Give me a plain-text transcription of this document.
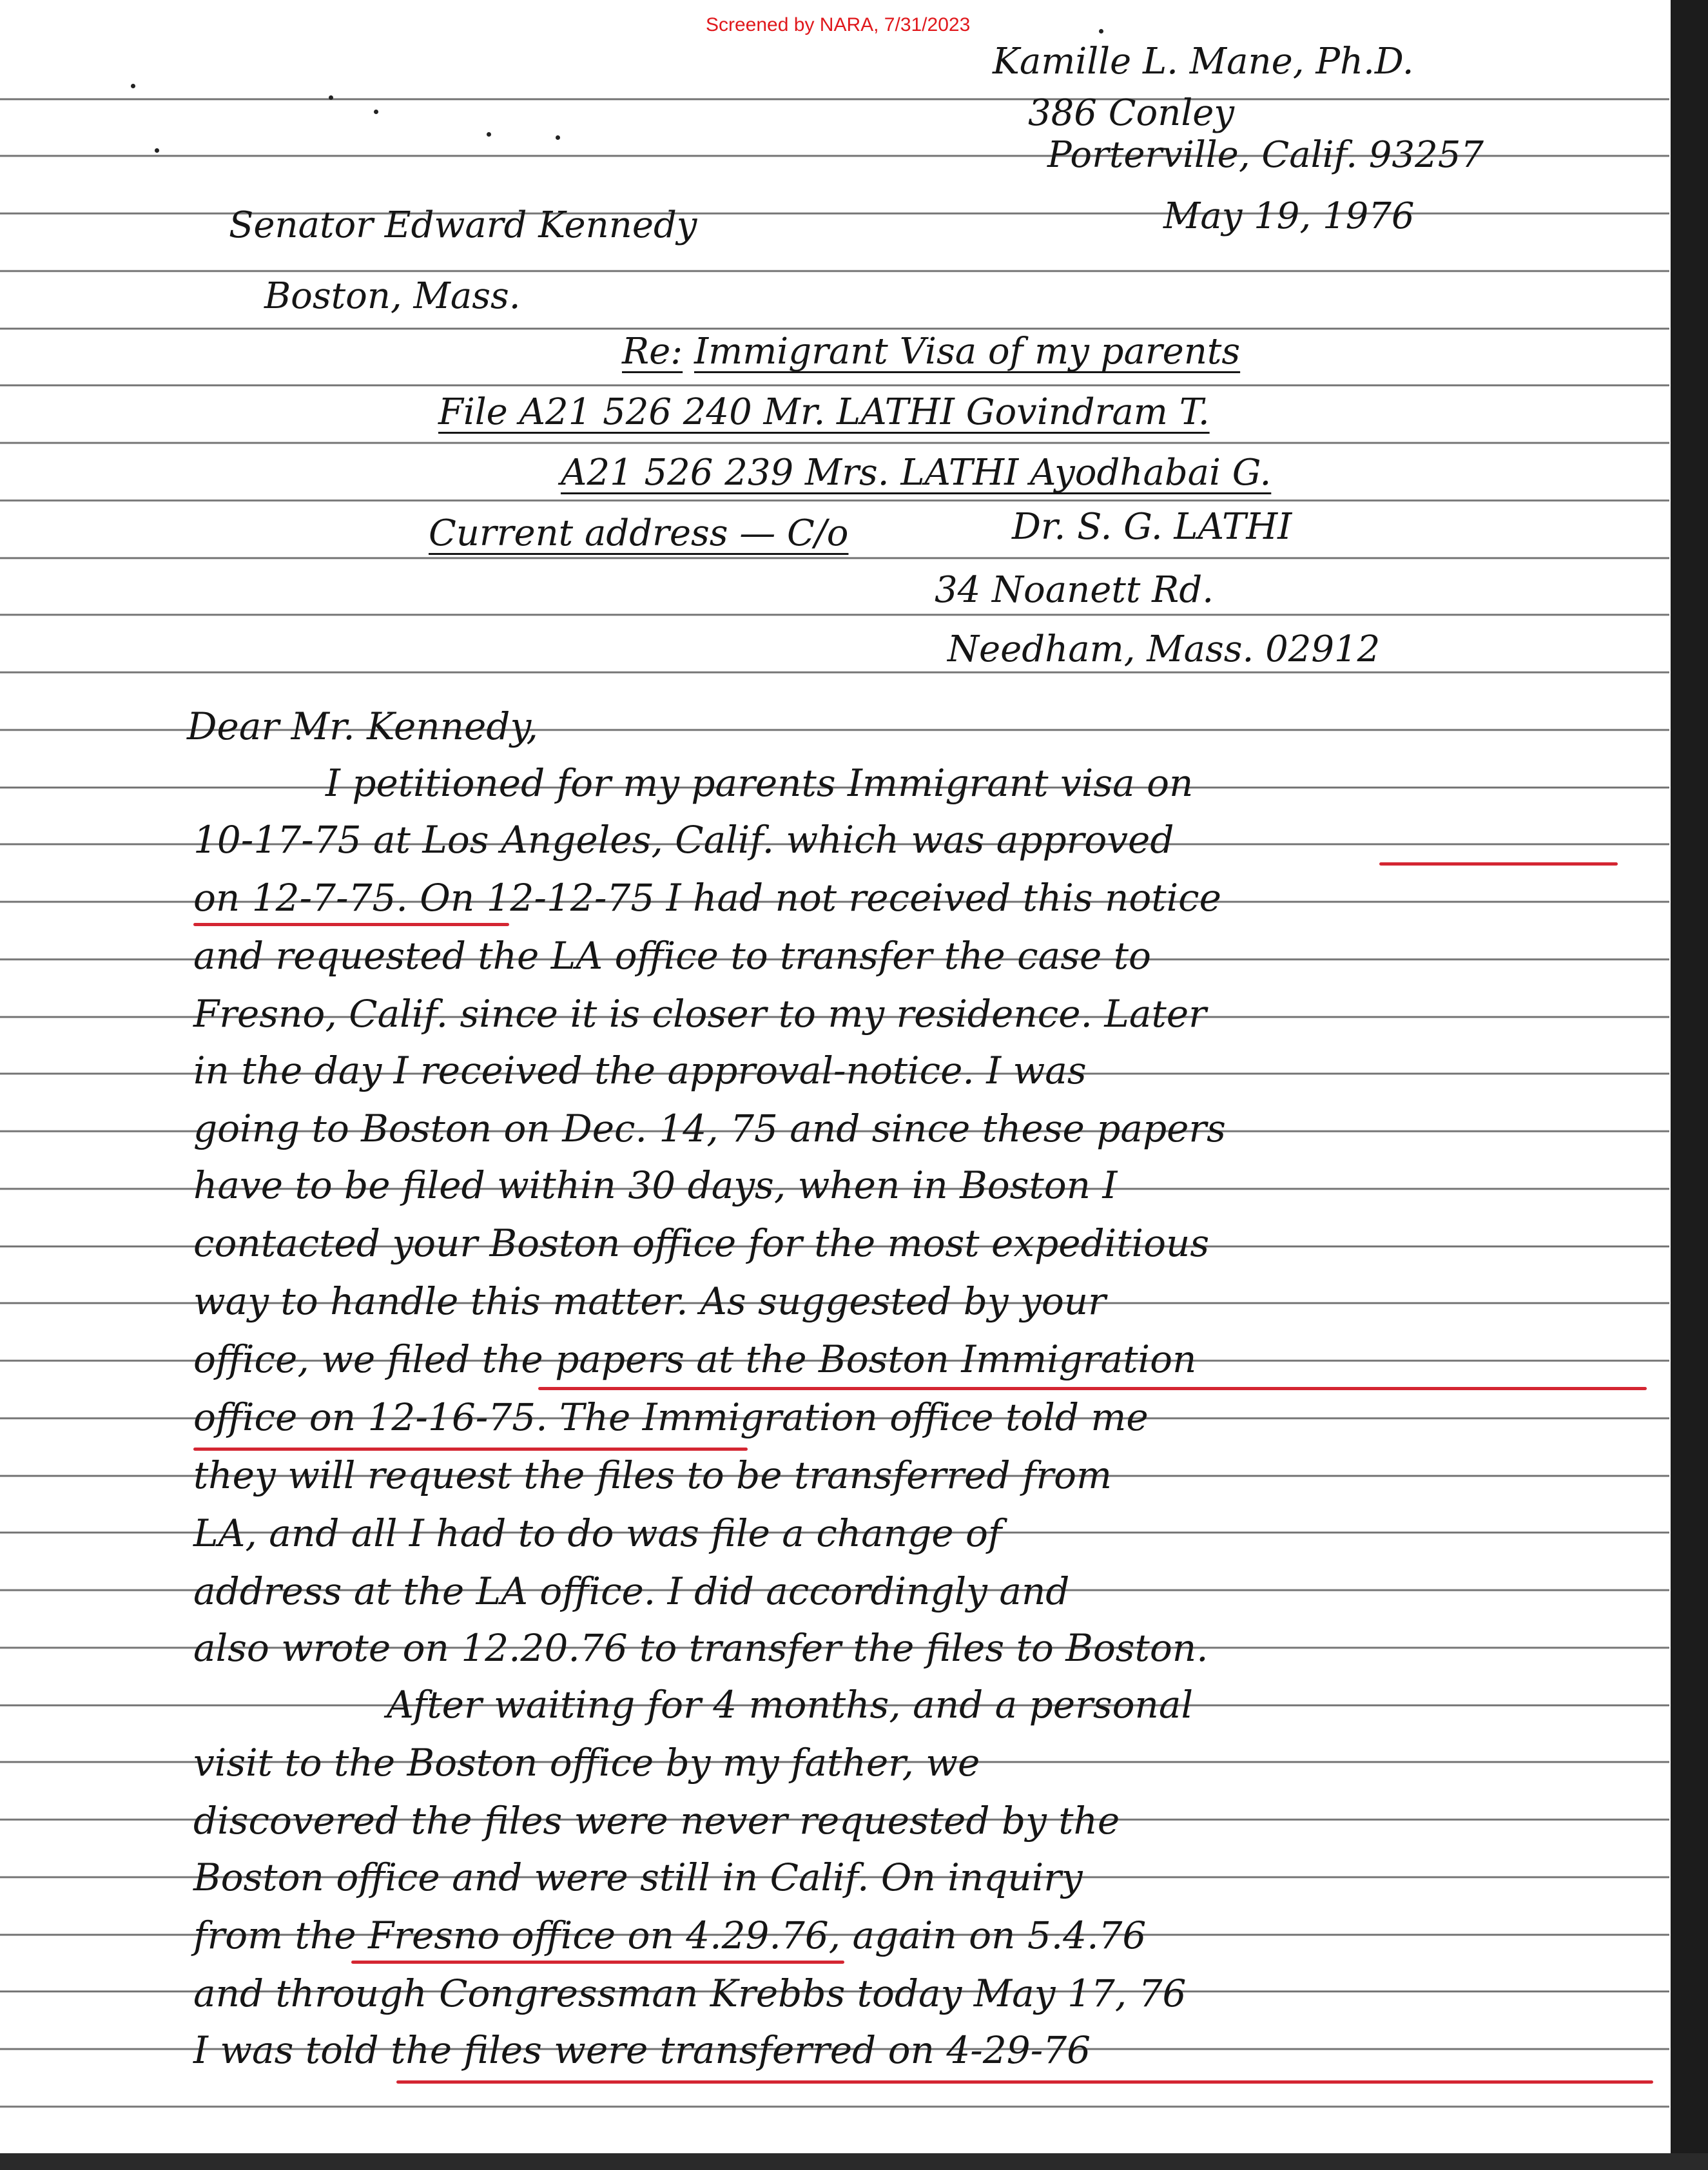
Screened by NARA, 7/31/2023
Kamille L. Mane, Ph.D.
386 Conley
Porterville, Calif. 93257
Senator Edward Kennedy	May 19, 1976
Boston, Mass.
Re: Immigrant Visa of my parents
File A21 526 240 Mr. LATHI Govindram T.
A21 526 239 Mrs. LATHI Ayodhabai G.
Current address — C/o	Dr. S. G. LATHI
34 Noanett Rd.
Needham, Mass. 02912
Dear Mr. Kennedy,
I petitioned for my parents Immigrant visa on
10-17-75 at Los Angeles, Calif. which was approved
on 12-7-75. On 12-12-75 I had not received this notice
and requested the LA office to transfer the case to
Fresno, Calif. since it is closer to my residence. Later
in the day I received the approval-notice. I was
going to Boston on Dec. 14, 75 and since these papers
have to be filed within 30 days, when in Boston I
contacted your Boston office for the most expeditious
way to handle this matter. As suggested by your
office, we filed the papers at the Boston Immigration
office on 12-16-75. The Immigration office told me
they will request the files to be transferred from
LA, and all I had to do was file a change of
address at the LA office. I did accordingly and
also wrote on 12.20.76 to transfer the files to Boston.
After waiting for 4 months, and a personal
visit to the Boston office by my father, we
discovered the files were never requested by the
Boston office and were still in Calif. On inquiry
from the Fresno office on 4.29.76, again on 5.4.76
and through Congressman Krebbs today May 17, 76
I was told the files were transferred on 4-29-76
